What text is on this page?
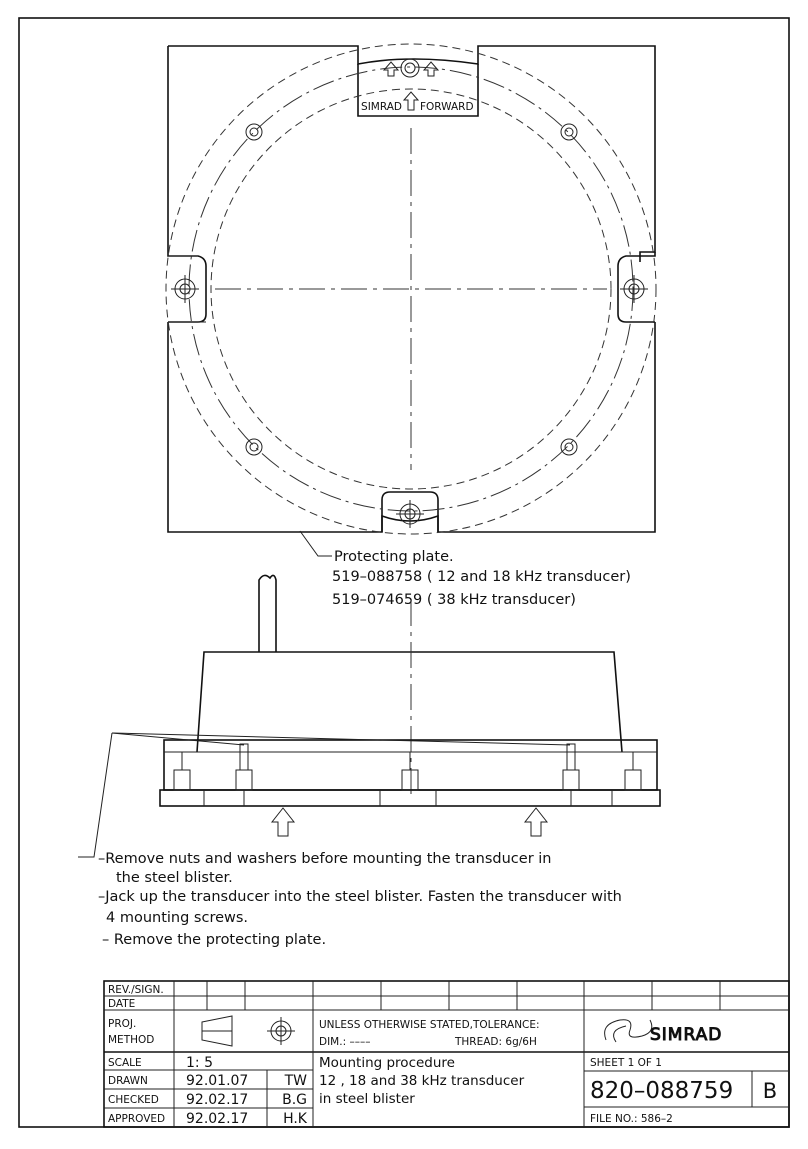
SIMRAD FORWARD
Protecting plate.
519–088758 ( 12 and 18 kHz transducer)
519–074659 ( 38 kHz transducer)
–Remove nuts and washers before mounting the transducer in
the steel blister.
–Jack up the transducer into the steel blister. Fasten the transducer with
4 mounting screws.
– Remove the protecting plate.
REV./SIGN.
DATE
PROJ.
METHOD
UNLESS OTHERWISE STATED,TOLERANCE:
DIM.: ––––	THREAD: 6g/6H	SIMRAD
SCALE	1: 5
DRAWN	92.01.07	TW
CHECKED 92.02.17 B.G
APPROVED 92.02.17 H.K
Mounting procedure
12 , 18 and 38 kHz transducer
in steel blister
SHEET 1 OF 1
820–088759 B
FILE NO.: 586–2
